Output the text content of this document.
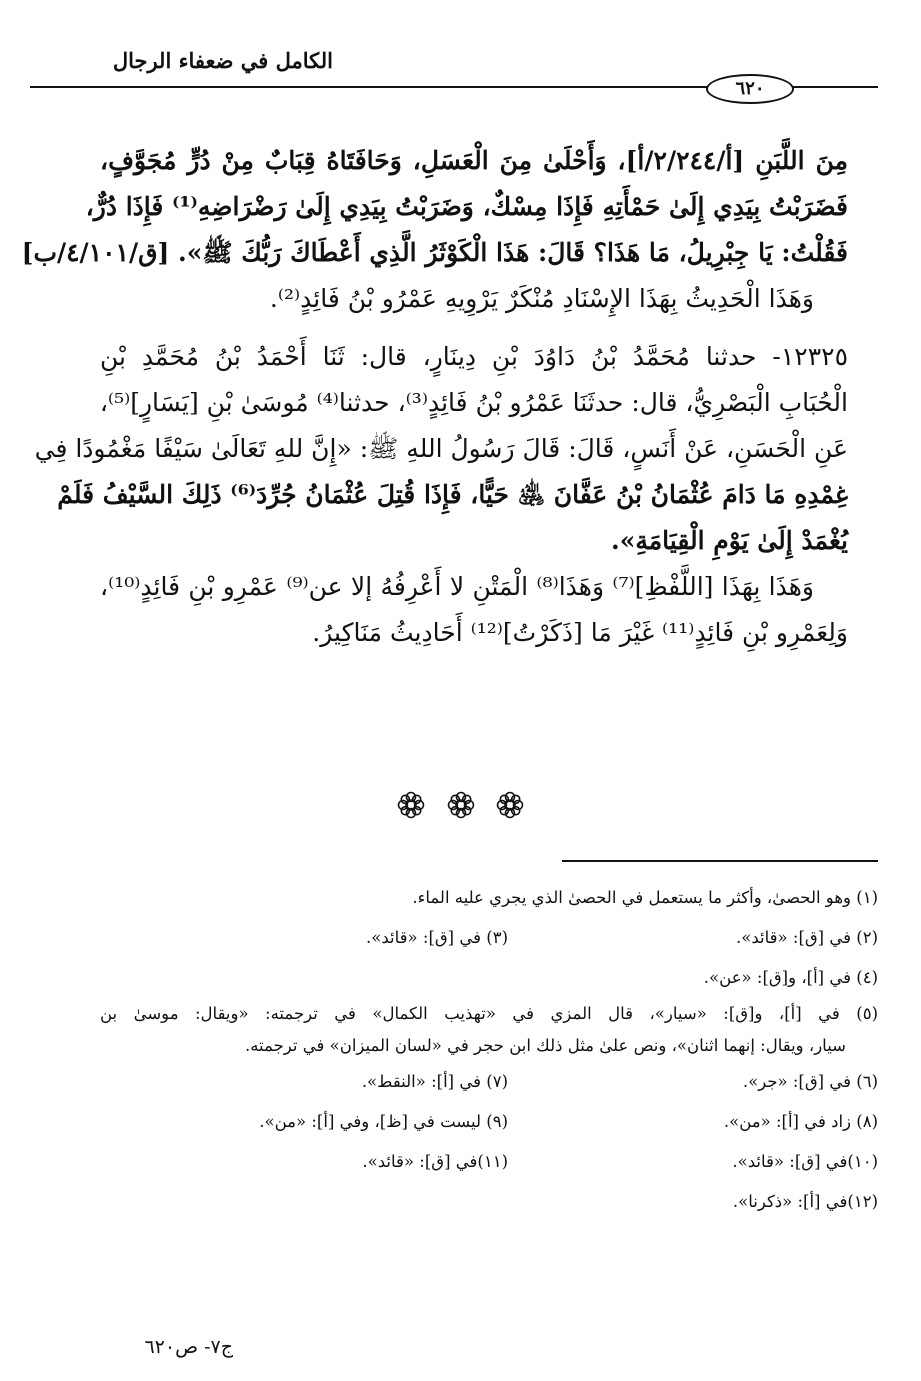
الكامل في ضعفاء الرجال
٦٢٠
مِنَ اللَّبَنِ [أ/٢/٢٤٤/أ]، وَأَحْلَىٰ مِنَ الْعَسَلِ، وَحَافَتَاهُ قِبَابٌ مِنْ دُرٍّ مُجَوَّفٍ،
فَضَرَبْتُ بِيَدِي إِلَىٰ حَمْأَتِهِ فَإِذَا مِسْكٌ، وَضَرَبْتُ بِيَدِي إِلَىٰ رَضْرَاضِهِ⁽¹⁾ فَإِذَا دُرٌّ،
فَقُلْتُ: يَا جِبْرِيلُ، مَا هَذَا؟ قَالَ: هَذَا الْكَوْثَرُ الَّذِي أَعْطَاكَ رَبُّكَ ﷺ». [ق/٤/١٠١/ب]
وَهَذَا الْحَدِيثُ بِهَذَا الإِسْنَادِ مُنْكَرٌ يَرْوِيهِ عَمْرُو بْنُ فَائِدٍ⁽²⁾.
١٢٣٢٥- حدثنا مُحَمَّدُ بْنُ دَاوُدَ بْنِ دِينَارٍ، قال: ثَنَا أَحْمَدُ بْنُ مُحَمَّدِ بْنِ
الْحُبَابِ الْبَصْرِيُّ، قال: حدثَنَا عَمْرُو بْنُ فَائِدٍ⁽³⁾، حدثنا⁽⁴⁾ مُوسَىٰ بْنِ [يَسَارٍ]⁽⁵⁾،
عَنِ الْحَسَنِ، عَنْ أَنَسٍ، قَالَ: قَالَ رَسُولُ اللهِ ﷺ: «إِنَّ للهِ تَعَالَىٰ سَيْفًا مَغْمُودًا فِي
غِمْدِهِ مَا دَامَ عُثْمَانُ بْنُ عَفَّانَ ﵁ حَيًّا، فَإِذَا قُتِلَ عُثْمَانُ جُرِّدَ⁽⁶⁾ ذَلِكَ السَّيْفُ فَلَمْ
يُغْمَدْ إِلَىٰ يَوْمِ الْقِيَامَةِ».
وَهَذَا بِهَذَا [اللَّفْظِ]⁽⁷⁾ وَهَذَا⁽⁸⁾ الْمَتْنِ لا أَعْرِفُهُ إلا عن⁽⁹⁾ عَمْرِو بْنِ فَائِدٍ⁽¹⁰⁾،
وَلِعَمْرِو بْنِ فَائِدٍ⁽¹¹⁾ غَيْرَ مَا [ذَكَرْتُ]⁽¹²⁾ أَحَادِيثُ مَنَاكِيرُ.

(١) وهو الحصىٰ، وأكثر ما يستعمل في الحصىٰ الذي يجري عليه الماء.
(٢) في [ق]: «قائد».
(٣) في [ق]: «قائد».
(٤) في [أ]، و[ق]: «عن».
(٥) في [أ]، و[ق]: «سيار»، قال المزي في «تهذيب الكمال» في ترجمته: «ويقال: موسىٰ بن
سيار، ويقال: إنهما اثنان»، ونص علىٰ مثل ذلك ابن حجر في «لسان الميزان» في ترجمته.
(٦) في [ق]: «جر».
(٧) في [أ]: «النقط».
(٨) زاد في [أ]: «من».
(٩) ليست في [ظ]، وفي [أ]: «من».
(١٠)في [ق]: «قائد».
(١١)في [ق]: «قائد».
(١٢)في [أ]: «ذكرنا».
ج٧- ص٦٢٠
